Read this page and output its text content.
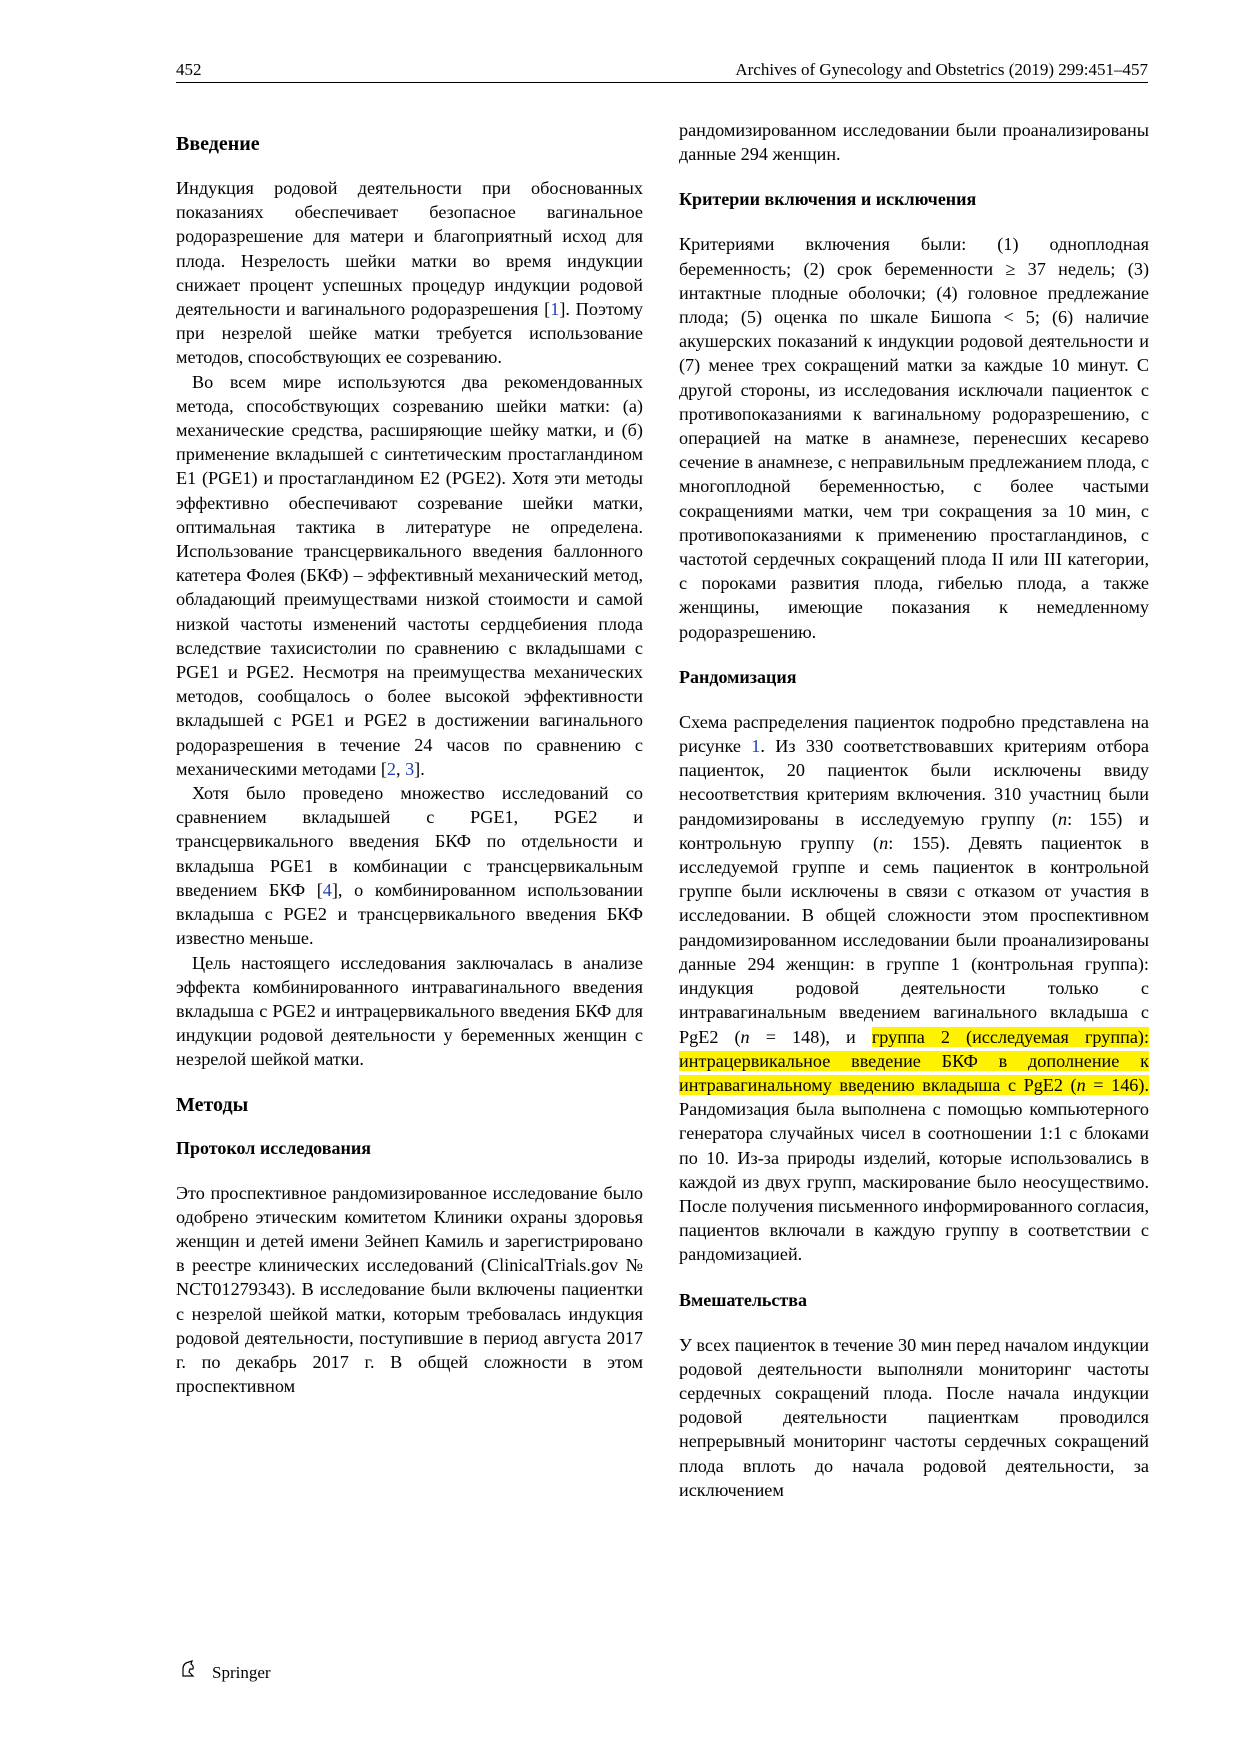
452	Archives of Gynecology and Obstetrics (2019) 299:451–457
Введение

Индукция родовой деятельности при обоснованных показаниях обеспечивает безопасное вагинальное родоразрешение для матери и благоприятный исход для плода. Незрелость шейки матки во время индукции снижает процент успешных процедур индукции родовой деятельности и вагинального родоразрешения [1]. Поэтому при незрелой шейке матки требуется использование методов, способствующих ее созреванию.

Во всем мире используются два рекомендованных метода, способствующих созреванию шейки матки: (а) механические средства, расширяющие шейку матки, и (б) применение вкладышей с синтетическим простагландином E1 (PGE1) и простагландином E2 (PGE2). Хотя эти методы эффективно обеспечивают созревание шейки матки, оптимальная тактика в литературе не определена. Использование трансцервикального введения баллонного катетера Фолея (БКФ) – эффективный механический метод, обладающий преимуществами низкой стоимости и самой низкой частоты изменений частоты сердцебиения плода вследствие тахисистолии по сравнению с вкладышами с PGE1 и PGE2. Несмотря на преимущества механических методов, сообщалось о более высокой эффективности вкладышей с PGE1 и PGE2 в достижении вагинального родоразрешения в течение 24 часов по сравнению с механическими методами [2, 3].

Хотя было проведено множество исследований со сравнением вкладышей с PGE1, PGE2 и трансцервикального введения БКФ по отдельности и вкладыша PGE1 в комбинации с трансцервикальным введением БКФ [4], о комбинированном использовании вкладыша с PGE2 и трансцервикального введения БКФ известно меньше.

Цель настоящего исследования заключалась в анализе эффекта комбинированного интравагинального введения вкладыша с PGE2 и интрацервикального введения БКФ для индукции родовой деятельности у беременных женщин с незрелой шейкой матки.

Методы
Протокол исследования

Это проспективное рандомизированное исследование было одобрено этическим комитетом Клиники охраны здоровья женщин и детей имени Зейнеп Камиль и зарегистрировано в реестре клинических исследований (ClinicalTrials.gov № NCT01279343). В исследование были включены пациентки с незрелой шейкой матки, которым требовалась индукция родовой деятельности, поступившие в период августа 2017 г. по декабрь 2017 г. В общей сложности в этом проспективном

рандомизированном исследовании были проанализированы данные 294 женщин.

Критерии включения и исключения

Критериями включения были: (1) одноплодная беременность; (2) срок беременности ≥ 37 недель; (3) интактные плодные оболочки; (4) головное предлежание плода; (5) оценка по шкале Бишопа < 5; (6) наличие акушерских показаний к индукции родовой деятельности и (7) менее трех сокращений матки за каждые 10 минут. С другой стороны, из исследования исключали пациенток с противопоказаниями к вагинальному родоразрешению, с операцией на матке в анамнезе, перенесших кесарево сечение в анамнезе, с неправильным предлежанием плода, с многоплодной беременностью, с более частыми сокращениями матки, чем три сокращения за 10 мин, с противопоказаниями к применению простагландинов, с частотой сердечных сокращений плода II или III категории, с пороками развития плода, гибелью плода, а также женщины, имеющие показания к немедленному родоразрешению.

Рандомизация

Схема распределения пациенток подробно представлена на рисунке 1. Из 330 соответствовавших критериям отбора пациенток, 20 пациенток были исключены ввиду несоответствия критериям включения. 310 участниц были рандомизированы в исследуемую группу (n: 155) и контрольную группу (n: 155). Девять пациенток в исследуемой группе и семь пациенток в контрольной группе были исключены в связи с отказом от участия в исследовании. В общей сложности этом проспективном рандомизированном исследовании были проанализированы данные 294 женщин: в группе 1 (контрольная группа): индукция родовой деятельности только с интравагинальным введением вагинального вкладыша с PgE2 (n = 148), и группа 2 (исследуемая группа): интрацервикальное введение БКФ в дополнение к интравагинальному введению вкладыша с PgE2 (n = 146). Рандомизация была выполнена с помощью компьютерного генератора случайных чисел в соотношении 1:1 с блоками по 10. Из-за природы изделий, которые использовались в каждой из двух групп, маскирование было неосуществимо. После получения письменного информированного согласия, пациентов включали в каждую группу в соответствии с рандомизацией.

Вмешательства

У всех пациенток в течение 30 мин перед началом индукции родовой деятельности выполняли мониторинг частоты сердечных сокращений плода. После начала индукции родовой деятельности пациенткам проводился непрерывный мониторинг частоты сердечных сокращений плода вплоть до начала родовой деятельности, за исключением

Springer
